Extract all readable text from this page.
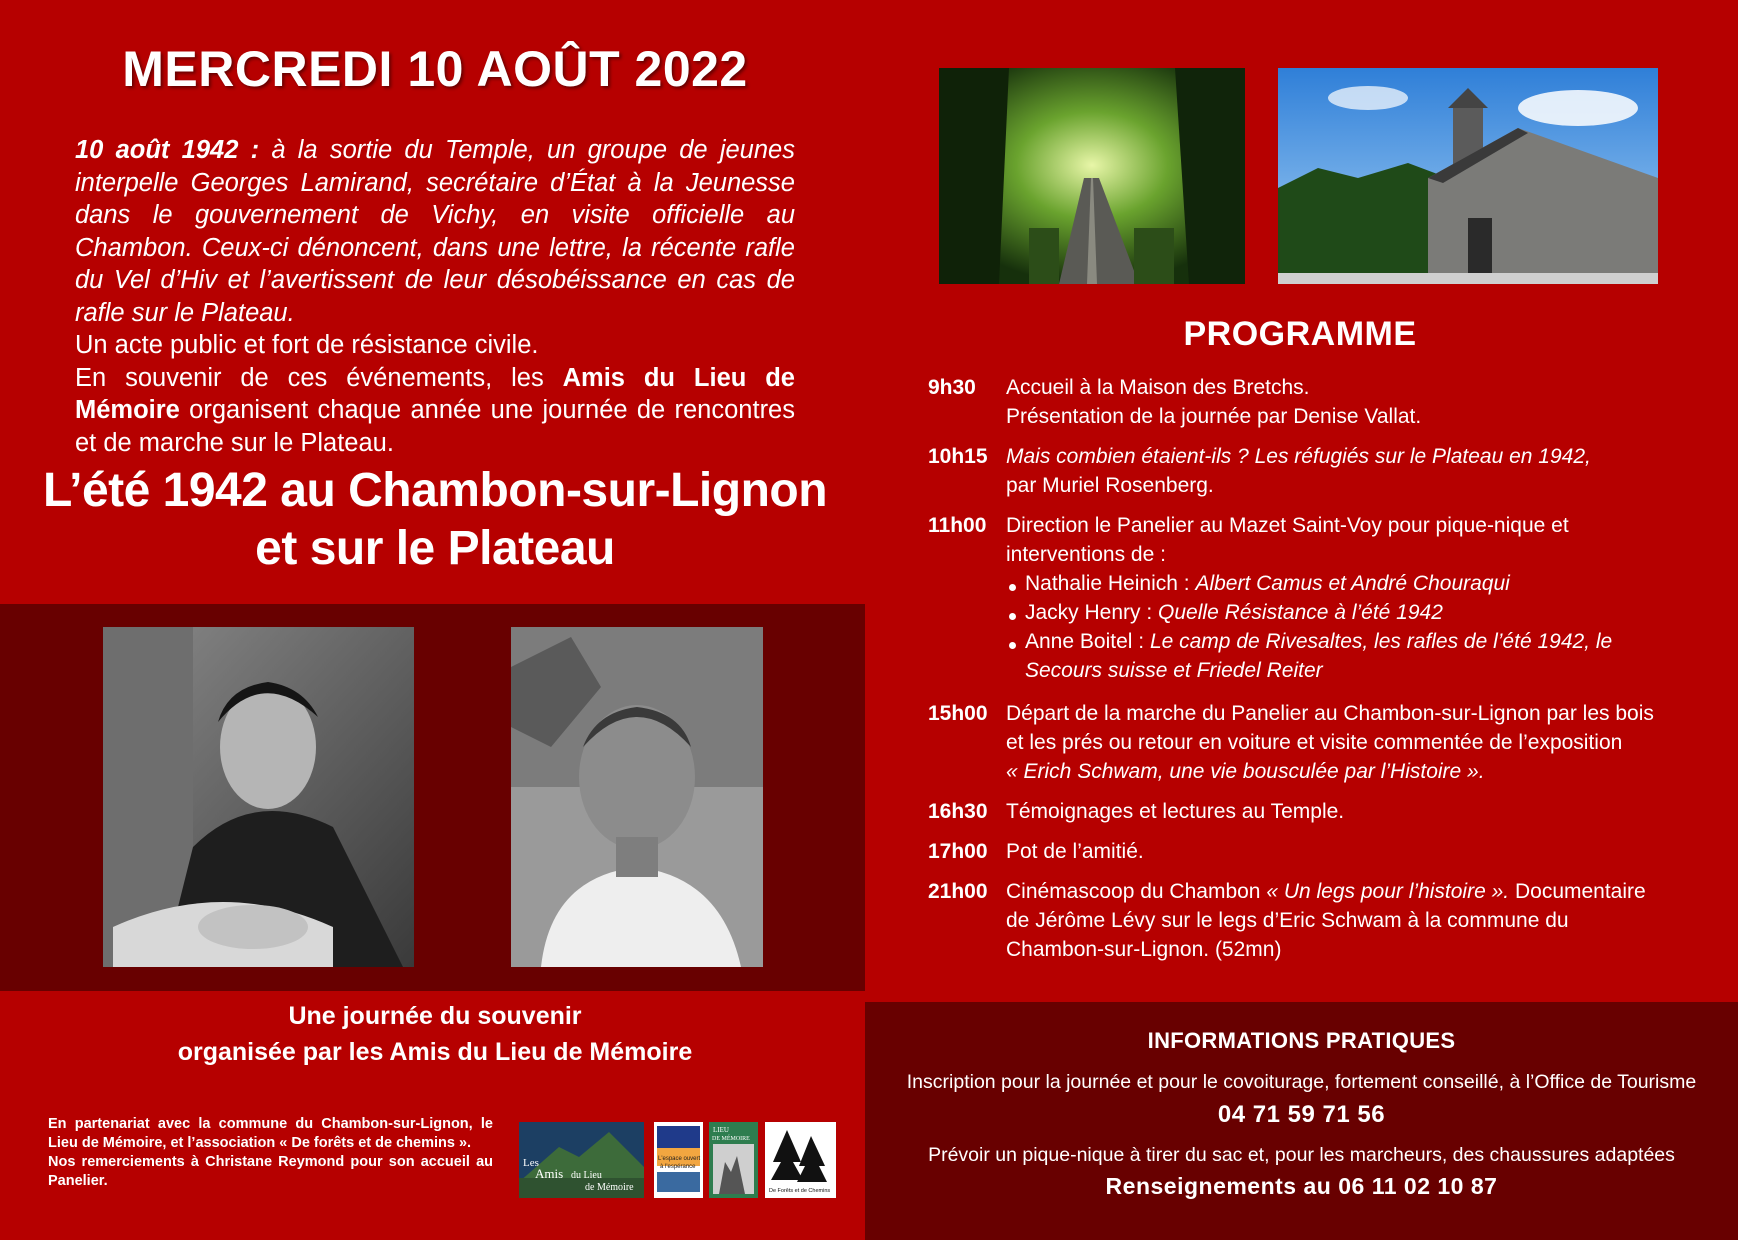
MERCREDI 10 AOÛT 2022

10 août 1942 : à la sortie du Temple, un groupe de jeunes interpelle Georges Lamirand, secrétaire d’État à la Jeunesse dans le gouvernement de Vichy, en visite officielle au Chambon. Ceux-ci dénoncent, dans une lettre, la récente rafle du Vel d’Hiv et l’avertissent de leur désobéissance en cas de rafle sur le Plateau.

Un acte public et fort de résistance civile.

En souvenir de ces événements, les Amis du Lieu de Mémoire organisent chaque année une journée de rencontres et de marche sur le Plateau.

L’été 1942 au Chambon-sur-Lignon
et sur le Plateau
Une journée du souvenir
organisée par les Amis du Lieu de Mémoire

En partenariat avec la commune du Chambon-sur-Lignon, le Lieu de Mémoire, et l’association « De forêts et de chemins ».

Nos remerciements à Christane Reymond pour son accueil au Panelier.

Les
Amis du Lieu
de Mémoire
L'espace ouvert
à l'espérance
LIEU
DE MÉMOIRE
De Forêts et de Chemins
PROGRAMME
9h30	Accueil à la Maison des Bretchs.
Présentation de la journée par Denise Vallat.
10h15 Mais combien étaient-ils ? Les réfugiés sur le Plateau en 1942,
par Muriel Rosenberg.
11h00 Direction le Panelier au Mazet Saint-Voy pour pique-nique et interventions de :
Nathalie Heinich : Albert Camus et André Chouraqui
Jacky Henry : Quelle Résistance à l’été 1942
Anne Boitel : Le camp de Rivesaltes, les rafles de l’été 1942, le Secours suisse et Friedel Reiter
15h00 Départ de la marche du Panelier au Chambon-sur-Lignon par les bois et les prés ou retour en voiture et visite commentée de l’exposition
« Erich Schwam, une vie bousculée par l’Histoire ».
16h30 Témoignages et lectures au Temple.
17h00 Pot de l’amitié.
21h00 Cinémascoop du Chambon « Un legs pour l’histoire ». Documentaire de Jérôme Lévy sur le legs d’Eric Schwam à la commune du Chambon-sur-Lignon. (52mn)
INFORMATIONS PRATIQUES
Inscription pour la journée et pour le covoiturage, fortement conseillé, à l’Office de Tourisme
04 71 59 71 56
Prévoir un pique-nique à tirer du sac et, pour les marcheurs, des chaussures adaptées
Renseignements au 06 11 02 10 87
